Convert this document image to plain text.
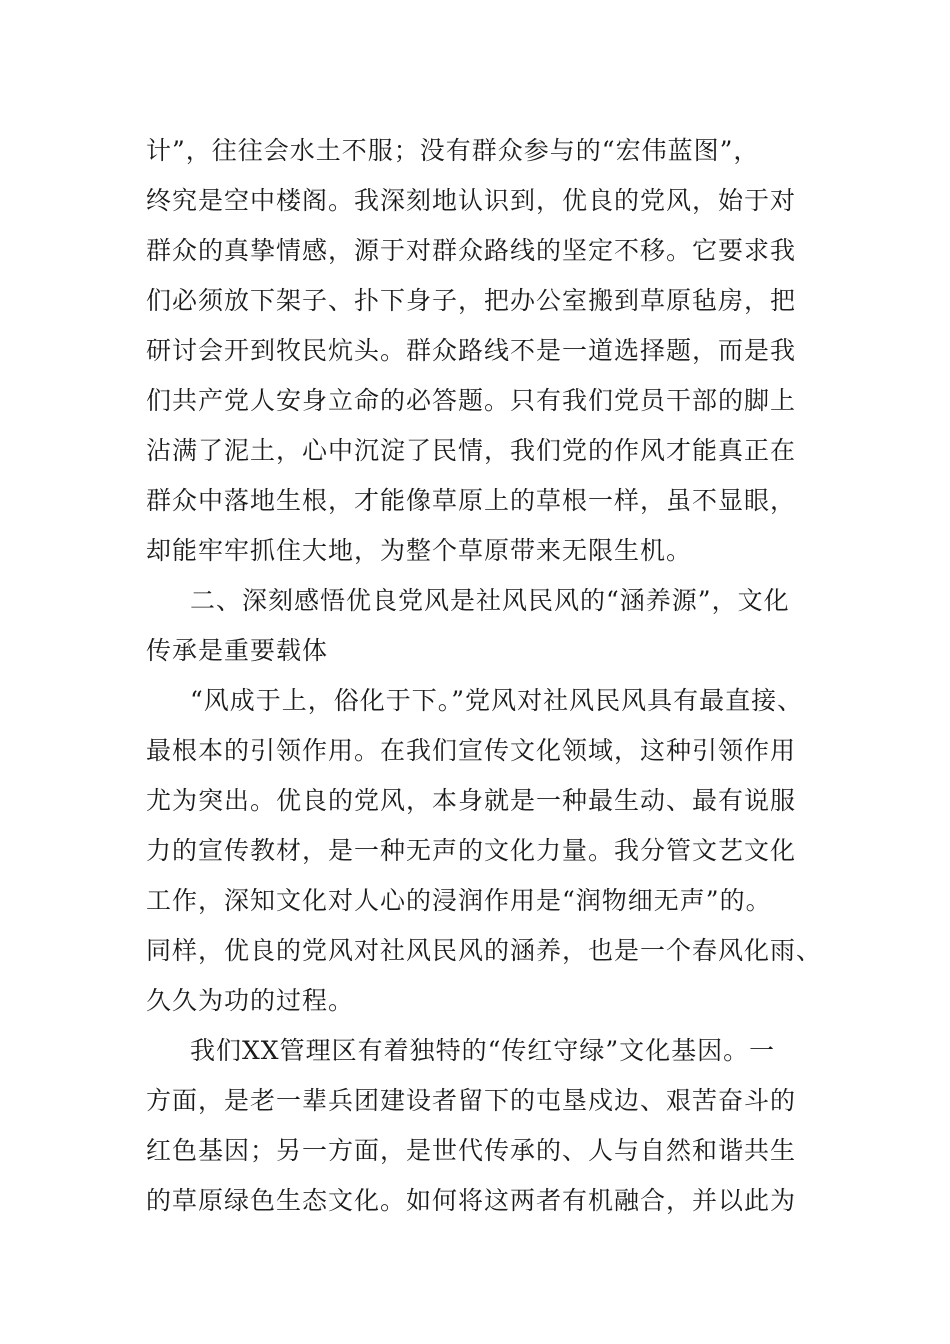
计”，往往会水土不服；没有群众参与的“宏伟蓝图”，
终究是空中楼阁。我深刻地认识到，优良的党风，始于对
群众的真挚情感，源于对群众路线的坚定不移。它要求我
们必须放下架子、扑下身子，把办公室搬到草原毡房，把
研讨会开到牧民炕头。群众路线不是一道选择题，而是我
们共产党人安身立命的必答题。只有我们党员干部的脚上
沾满了泥土，心中沉淀了民情，我们党的作风才能真正在
群众中落地生根，才能像草原上的草根一样，虽不显眼，
却能牢牢抓住大地，为整个草原带来无限生机。
二、深刻感悟优良党风是社风民风的“涵养源”，文化
传承是重要载体
“风成于上，俗化于下。”党风对社风民风具有最直接、
最根本的引领作用。在我们宣传文化领域，这种引领作用
尤为突出。优良的党风，本身就是一种最生动、最有说服
力的宣传教材，是一种无声的文化力量。我分管文艺文化
工作，深知文化对人心的浸润作用是“润物细无声”的。
同样，优良的党风对社风民风的涵养，也是一个春风化雨、
久久为功的过程。
我们XX管理区有着独特的“传红守绿”文化基因。一
方面，是老一辈兵团建设者留下的屯垦戍边、艰苦奋斗的
红色基因；另一方面，是世代传承的、人与自然和谐共生
的草原绿色生态文化。如何将这两者有机融合，并以此为
